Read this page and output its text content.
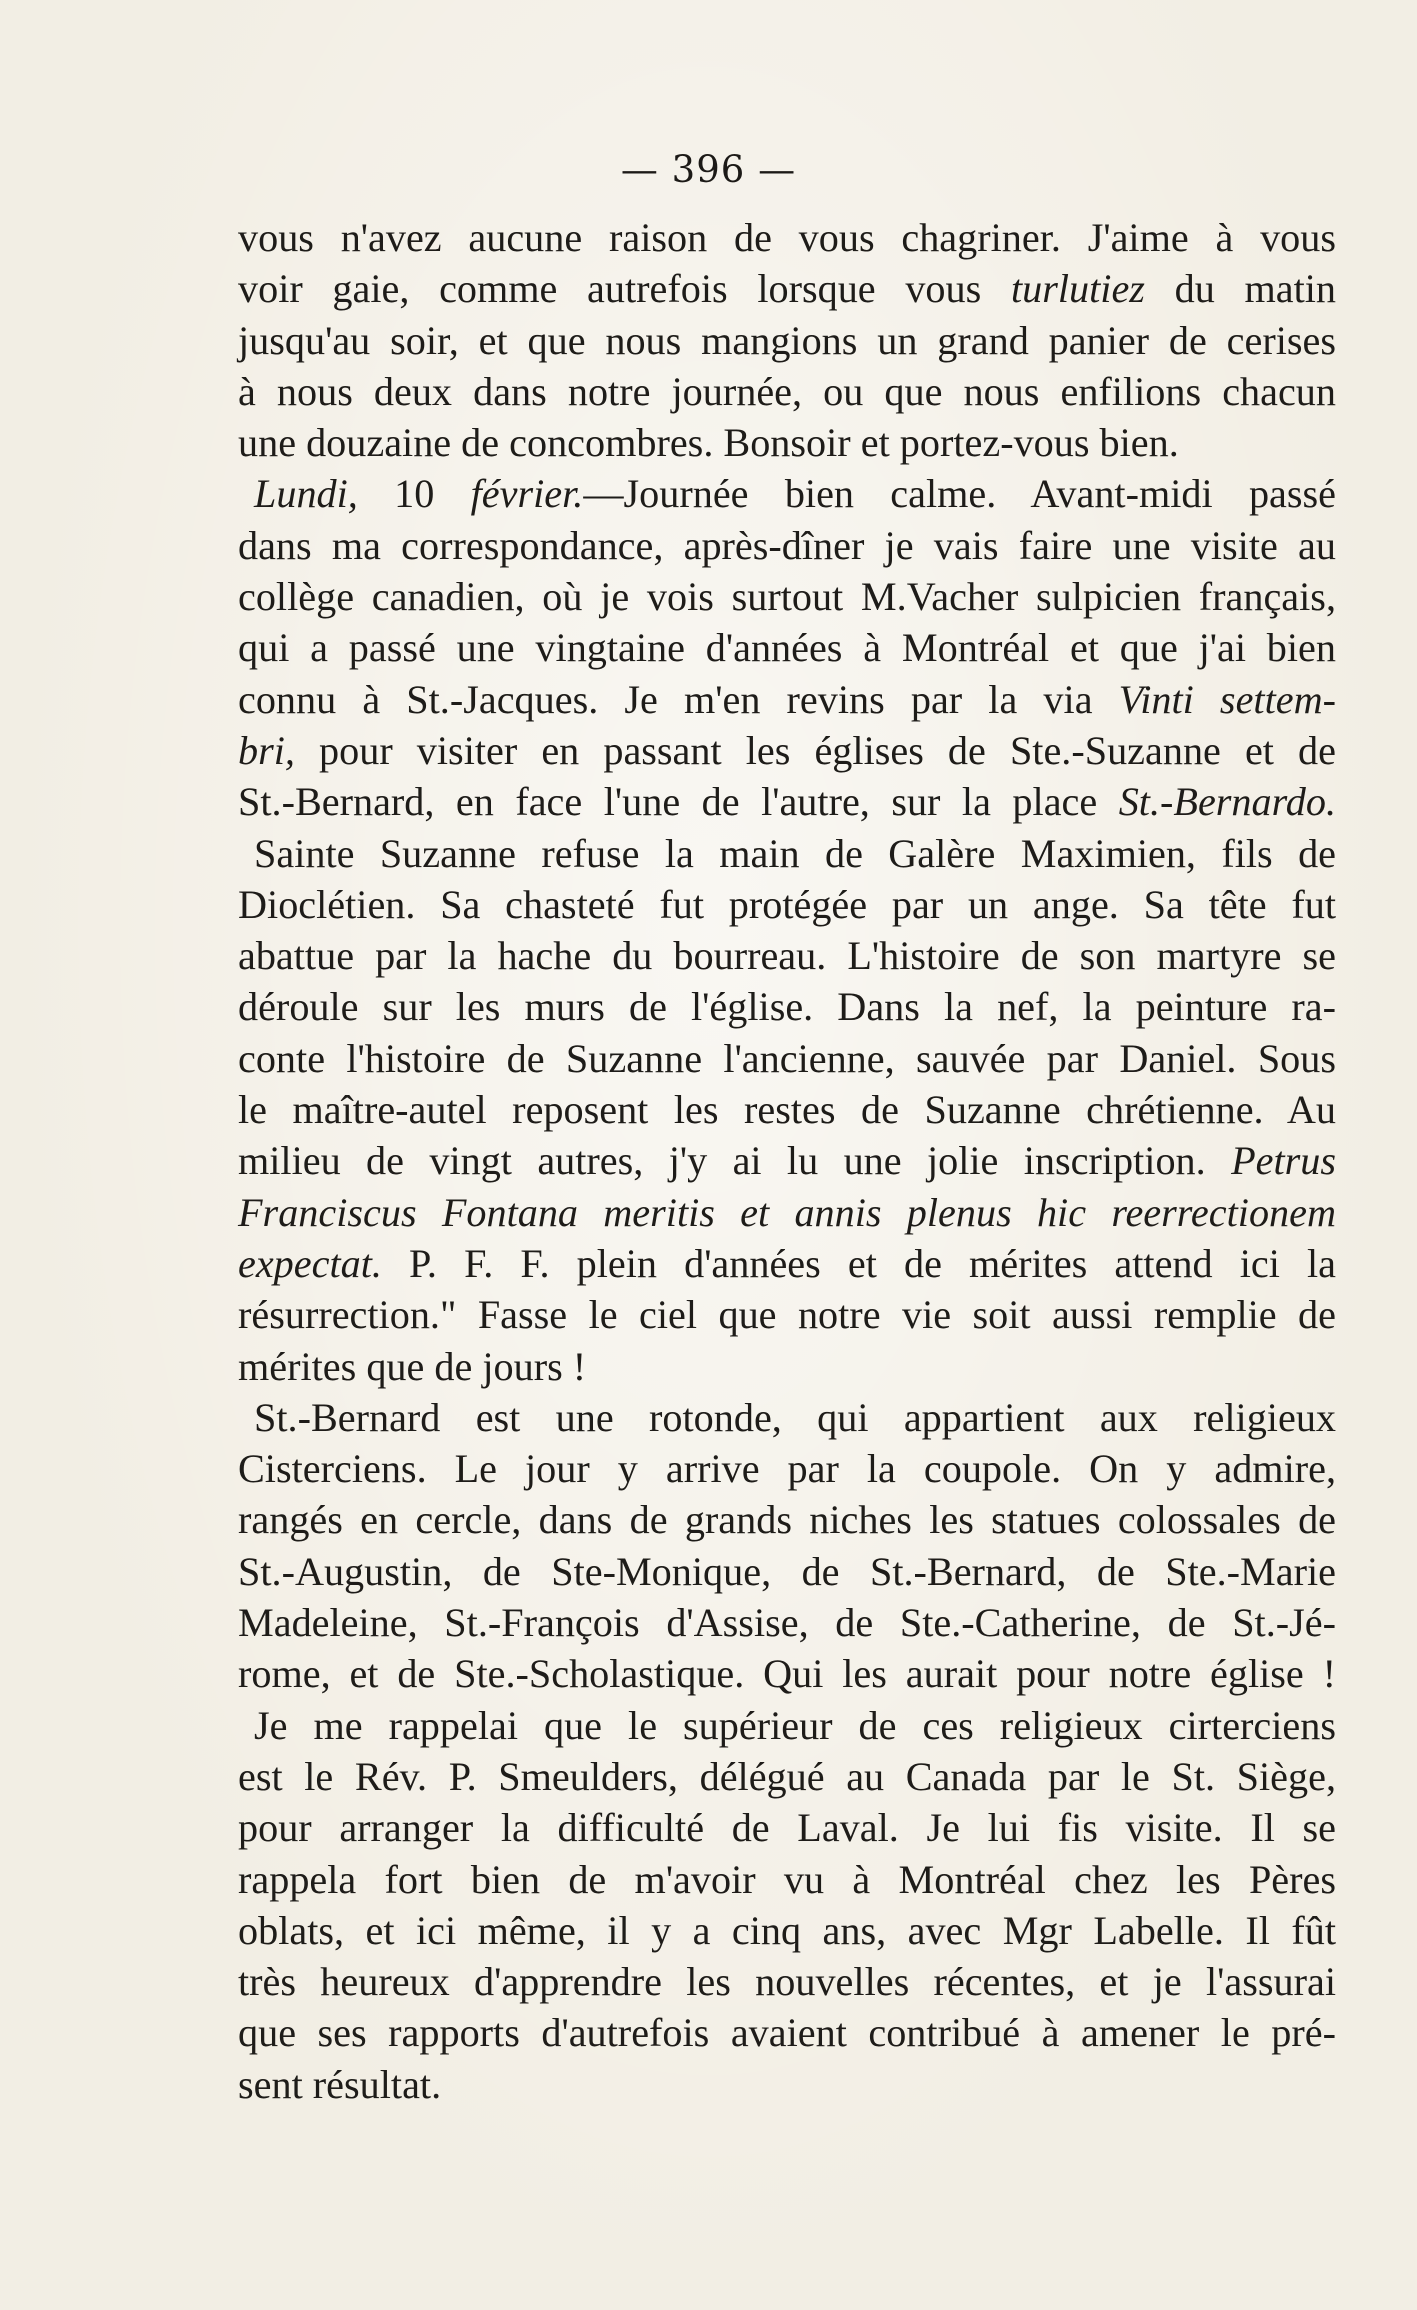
— 396 —
vous n'avez aucune raison de vous chagriner. J'aime à vous
voir gaie, comme autrefois lorsque vous turlutiez du matin
jusqu'au soir, et que nous mangions un grand panier de cerises
à nous deux dans notre journée, ou que nous enfilions chacun
une douzaine de concombres. Bonsoir et portez-vous bien.
Lundi, 10 février.—Journée bien calme. Avant-midi passé
dans ma correspondance, après-dîner je vais faire une visite au
collège canadien, où je vois surtout M.Vacher sulpicien français,
qui a passé une vingtaine d'années à Montréal et que j'ai bien
connu à St.-Jacques. Je m'en revins par la via Vinti settem-
bri, pour visiter en passant les églises de Ste.-Suzanne et de
St.-Bernard, en face l'une de l'autre, sur la place St.-Bernardo.
Sainte Suzanne refuse la main de Galère Maximien, fils de
Dioclétien. Sa chasteté fut protégée par un ange. Sa tête fut
abattue par la hache du bourreau. L'histoire de son martyre se
déroule sur les murs de l'église. Dans la nef, la peinture ra-
conte l'histoire de Suzanne l'ancienne, sauvée par Daniel. Sous
le maître-autel reposent les restes de Suzanne chrétienne. Au
milieu de vingt autres, j'y ai lu une jolie inscription. Petrus
Franciscus Fontana meritis et annis plenus hic reerrectionem
expectat. P. F. F. plein d'années et de mérites attend ici la
résurrection." Fasse le ciel que notre vie soit aussi remplie de
mérites que de jours !
St.-Bernard est une rotonde, qui appartient aux religieux
Cisterciens. Le jour y arrive par la coupole. On y admire,
rangés en cercle, dans de grands niches les statues colossales de
St.-Augustin, de Ste-Monique, de St.-Bernard, de Ste.-Marie
Madeleine, St.-François d'Assise, de Ste.-Catherine, de St.-Jé-
rome, et de Ste.-Scholastique. Qui les aurait pour notre église !
Je me rappelai que le supérieur de ces religieux cirterciens
est le Rév. P. Smeulders, délégué au Canada par le St. Siège,
pour arranger la difficulté de Laval. Je lui fis visite. Il se
rappela fort bien de m'avoir vu à Montréal chez les Pères
oblats, et ici même, il y a cinq ans, avec Mgr Labelle. Il fût
très heureux d'apprendre les nouvelles récentes, et je l'assurai
que ses rapports d'autrefois avaient contribué à amener le pré-
sent résultat.
